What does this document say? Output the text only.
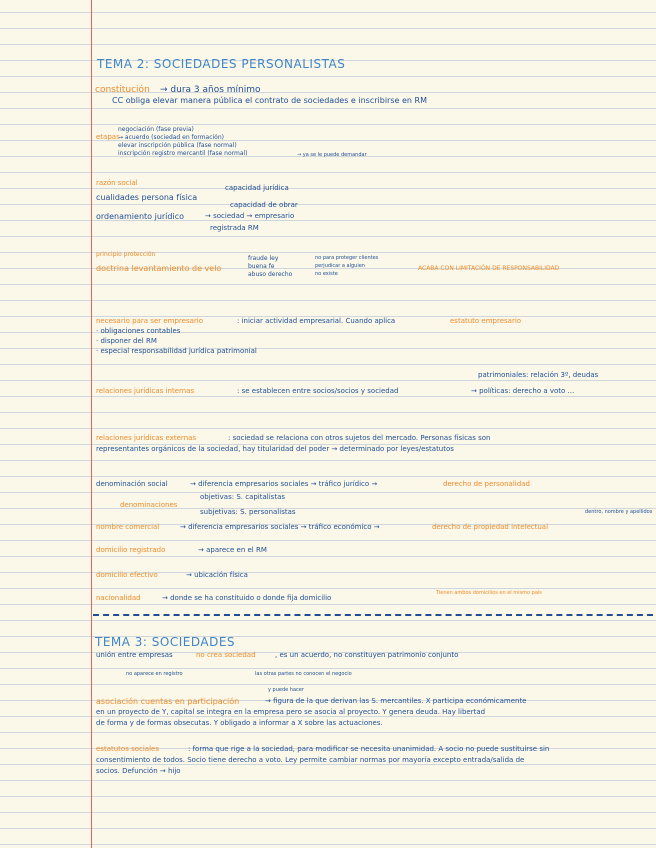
TEMA 2: SOCIEDADES PERSONALISTAS
constitución → dura 3 años mínimo
CC obliga elevar manera pública el contrato de sociedades e inscribirse en RM
etapas
negociación (fase previa)
→ acuerdo (sociedad en formación)
elevar inscripción pública (fase normal)
inscripción registro mercantil (fase normal)	→ ya se le puede demandar
razón social
capacidad jurídica
cualidades persona física
capacidad de obrar
ordenamiento jurídico	→ sociedad → empresario
registrada RM
principio protección
doctrina levantamiento de velo
fraude ley
buena fe
abuso derecho
no para proteger clientes
perjudicar a alguien
no existe
ACABA CON LIMITACIÓN DE RESPONSABILIDAD
necesario para ser empresario	: iniciar actividad empresarial. Cuando aplica	estatuto empresario
· obligaciones contables
· disponer del RM
· especial responsabilidad jurídica patrimonial
patrimoniales: relación 3º, deudas
relaciones jurídicas internas	: se establecen entre socios/socios y sociedad	→ políticas: derecho a voto ...
relaciones jurídicas externas	: sociedad se relaciona con otros sujetos del mercado. Personas físicas son
representantes orgánicos de la sociedad, hay titularidad del poder → determinado por leyes/estatutos
denominación social	→ diferencia empresarios sociales → tráfico jurídico →	derecho de personalidad
objetivas: S. capitalistas
denominaciones
subjetivas: S. personalistas	dentro, nombre y apellidos
nombre comercial	→ diferencia empresarios sociales → tráfico económico →	derecho de propiedad intelectual
domicilio registrado	→ aparece en el RM
domicilio efectivo	→ ubicación física
nacionalidad	→ donde se ha constituido o donde fija domicilio
Tienen ambos domicilios en el mismo país
TEMA 3: SOCIEDADES
unión entre empresas	no crea sociedad	, es un acuerdo, no constituyen patrimonio conjunto
no aparece en registro	las otras partes no conocen el negocio
y puede hacer
asociación cuentas en participación	→ figura de la que derivan las S. mercantiles. X participa económicamente
en un proyecto de Y, capital se integra en la empresa pero se asocia al proyecto. Y genera deuda. Hay libertad
de forma y de formas obsecutas. Y obligado a informar a X sobre las actuaciones.
estatutos sociales	: forma que rige a la sociedad, para modificar se necesita unanimidad. A socio no puede sustituirse sin
consentimiento de todos. Socio tiene derecho a voto. Ley permite cambiar normas por mayoría excepto entrada/salida de
socios. Defunción → hijo
